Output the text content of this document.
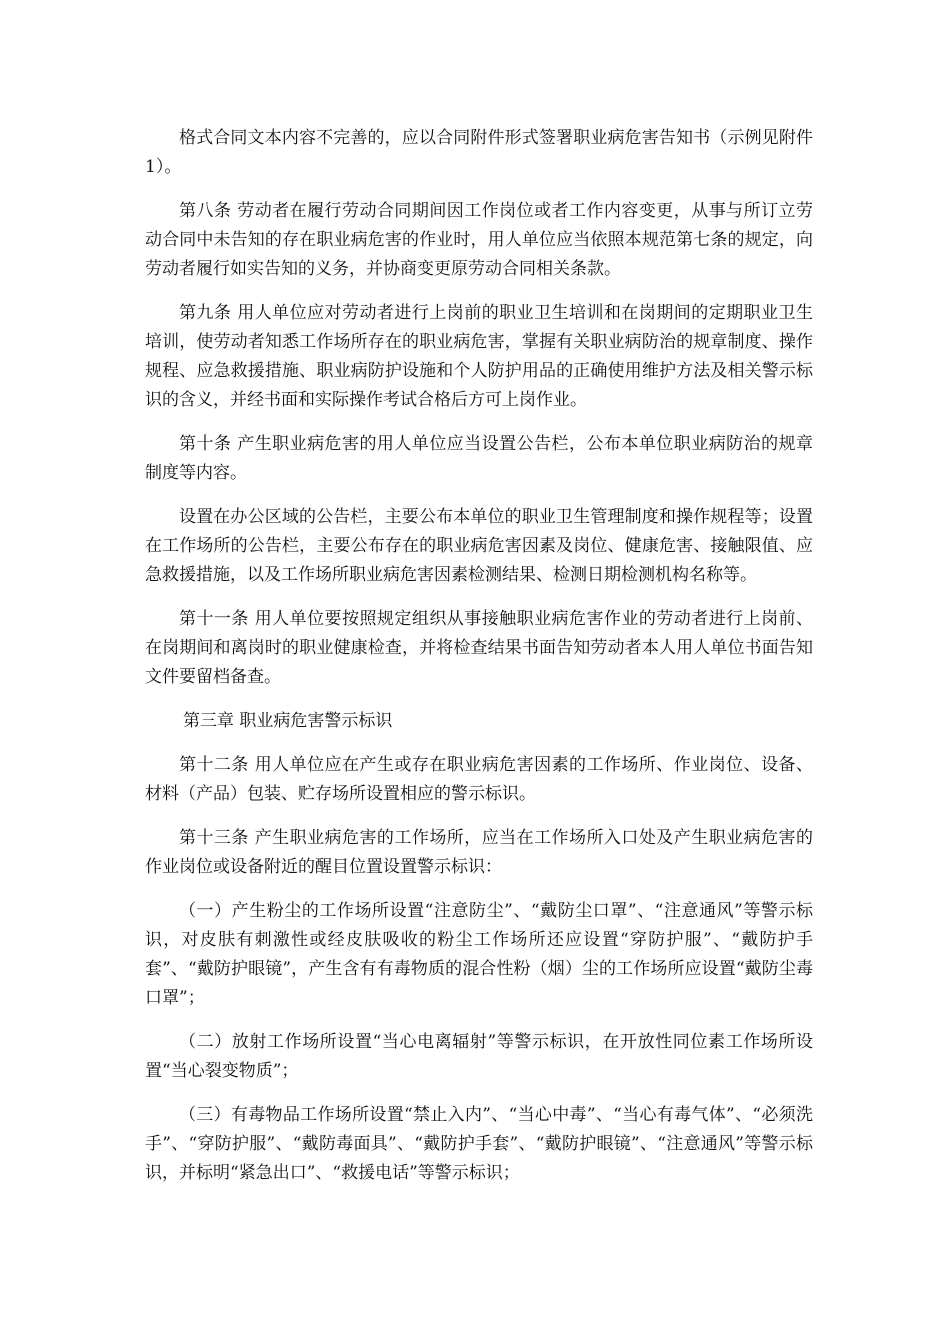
格式合同文本内容不完善的，应以合同附件形式签署职业病危害告知书（示例见附件1）。

第八条 劳动者在履行劳动合同期间因工作岗位或者工作内容变更，从事与所订立劳动合同中未告知的存在职业病危害的作业时，用人单位应当依照本规范第七条的规定，向劳动者履行如实告知的义务，并协商变更原劳动合同相关条款。

第九条 用人单位应对劳动者进行上岗前的职业卫生培训和在岗期间的定期职业卫生培训，使劳动者知悉工作场所存在的职业病危害，掌握有关职业病防治的规章制度、操作规程、应急救援措施、职业病防护设施和个人防护用品的正确使用维护方法及相关警示标识的含义，并经书面和实际操作考试合格后方可上岗作业。

第十条 产生职业病危害的用人单位应当设置公告栏，公布本单位职业病防治的规章制度等内容。

设置在办公区域的公告栏，主要公布本单位的职业卫生管理制度和操作规程等；设置在工作场所的公告栏，主要公布存在的职业病危害因素及岗位、健康危害、接触限值、应急救援措施，以及工作场所职业病危害因素检测结果、检测日期检测机构名称等。

第十一条 用人单位要按照规定组织从事接触职业病危害作业的劳动者进行上岗前、在岗期间和离岗时的职业健康检查，并将检查结果书面告知劳动者本人用人单位书面告知文件要留档备查。

第三章 职业病危害警示标识

第十二条 用人单位应在产生或存在职业病危害因素的工作场所、作业岗位、设备、材料（产品）包装、贮存场所设置相应的警示标识。

第十三条 产生职业病危害的工作场所，应当在工作场所入口处及产生职业病危害的作业岗位或设备附近的醒目位置设置警示标识：

（一）产生粉尘的工作场所设置“注意防尘”、“戴防尘口罩”、“注意通风”等警示标识，对皮肤有刺激性或经皮肤吸收的粉尘工作场所还应设置“穿防护服”、“戴防护手套”、“戴防护眼镜”，产生含有有毒物质的混合性粉（烟）尘的工作场所应设置“戴防尘毒口罩”；

（二）放射工作场所设置“当心电离辐射”等警示标识，在开放性同位素工作场所设置“当心裂变物质”；

（三）有毒物品工作场所设置“禁止入内”、“当心中毒”、“当心有毒气体”、“必须洗手”、“穿防护服”、“戴防毒面具”、“戴防护手套”、“戴防护眼镜”、“注意通风”等警示标识，并标明“紧急出口”、“救援电话”等警示标识；
